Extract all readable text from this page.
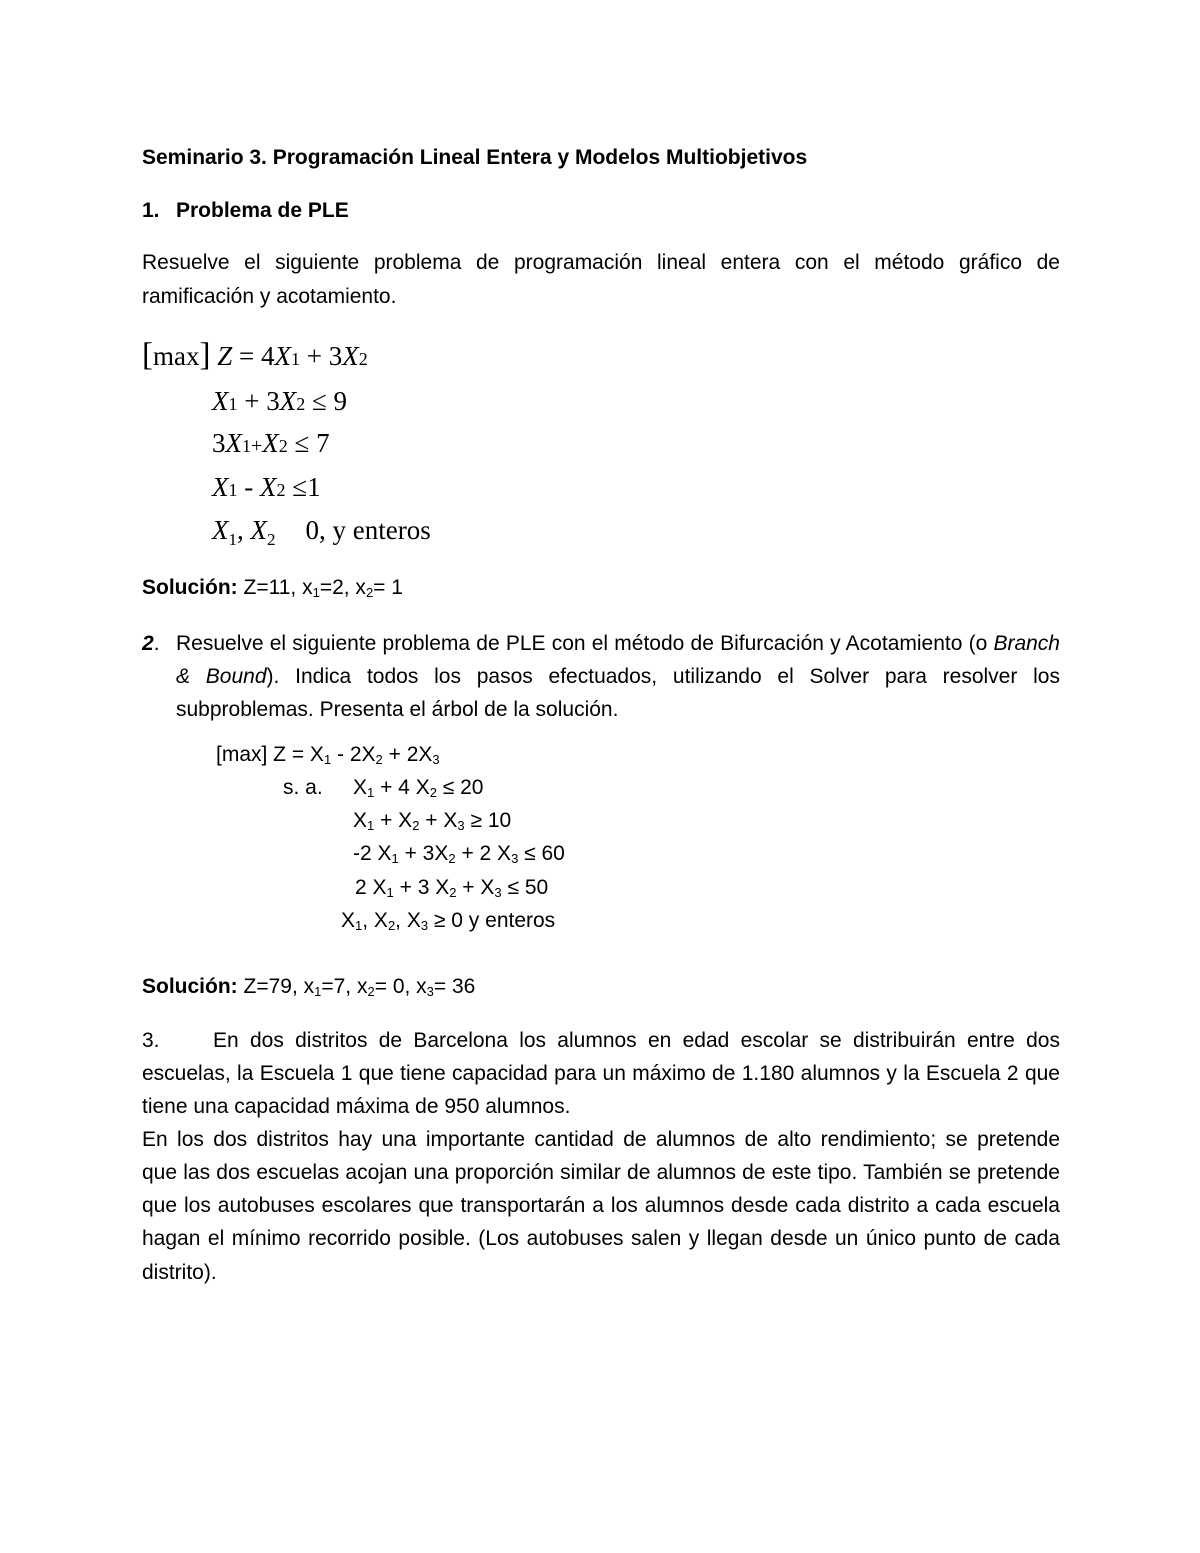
Seminario 3. Programación Lineal Entera y Modelos Multiobjetivos
1. Problema de PLE
Resuelve el siguiente problema de programación lineal entera con el método gráfico de
ramificación y acotamiento.
[max] Z = 4X1 + 3X2
X1 + 3X2 ≤ 9
3X1+X2 ≤ 7
X1 - X2 ≤1
$X_1$, $X_2$ 0, y enteros
Solución: Z=11, $x_1=2$, $x_2= 1$
2. Resuelve el siguiente problema de PLE con el método de Bifurcación y Acotamiento (o Branch
& Bound). Indica todos los pasos efectuados, utilizando el Solver para resolver los
subproblemas. Presenta el árbol de la solución.
[max] $Z = X_1 - 2X_2 + 2X_3$
s. a. $X_1 + 4$ $X_2 \le 20$
$X_1 + X_2 + X_3 \ge 10$
-2 $X_1 + 3X_2 + 2$ $X_3 \le 60$
2 $X_1 + 3$ $X_2 + X_3 \le 50$
$X_1$, $X_2$, $X_3 \ge 0$ y enteros
Solución: Z=79, $x_1=7$, $x_2= 0$, $x_3= 36$
3.	En dos distritos de Barcelona los alumnos en edad escolar se distribuirán entre dos
escuelas, la Escuela 1 que tiene capacidad para un máximo de 1.180 alumnos y la Escuela 2 que
tiene una capacidad máxima de 950 alumnos.
En los dos distritos hay una importante cantidad de alumnos de alto rendimiento; se pretende
que las dos escuelas acojan una proporción similar de alumnos de este tipo. También se pretende
que los autobuses escolares que transportarán a los alumnos desde cada distrito a cada escuela
hagan el mínimo recorrido posible. (Los autobuses salen y llegan desde un único punto de cada
distrito).
